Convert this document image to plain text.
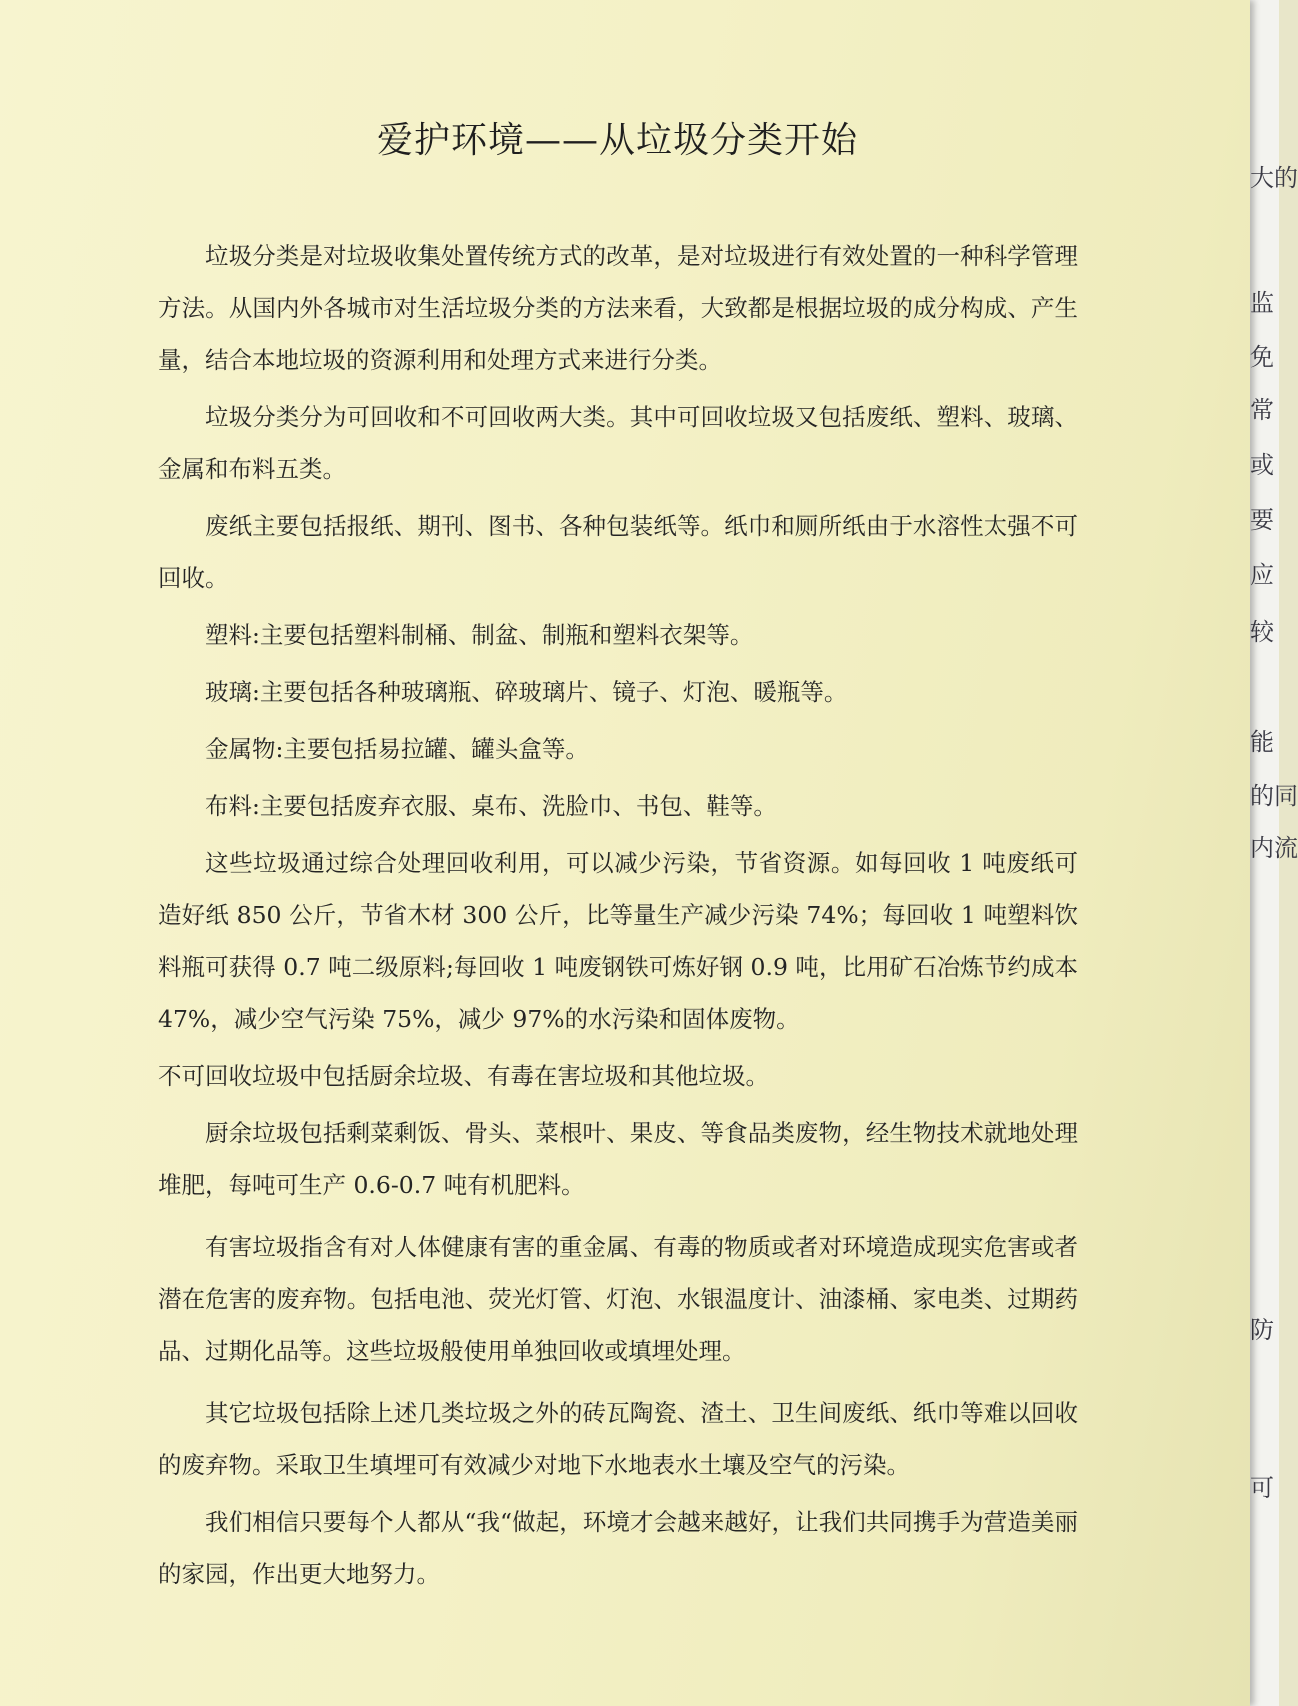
大的
监
免
常
或
要
应
较
能
的同
内流
防
可
爱护环境——从垃圾分类开始

垃圾分类是对垃圾收集处置传统方式的改革，是对垃圾进行有效处置的一种科学管理方法。从国内外各城市对生活垃圾分类的方法来看，大致都是根据垃圾的成分构成、产生量，结合本地垃圾的资源利用和处理方式来进行分类。

垃圾分类分为可回收和不可回收两大类。其中可回收垃圾又包括废纸、塑料、玻璃、金属和布料五类。

废纸主要包括报纸、期刊、图书、各种包装纸等。纸巾和厕所纸由于水溶性太强不可回收。

塑料:主要包括塑料制桶、制盆、制瓶和塑料衣架等。

玻璃:主要包括各种玻璃瓶、碎玻璃片、镜子、灯泡、暖瓶等。

金属物:主要包括易拉罐、罐头盒等。

布料:主要包括废弃衣服、桌布、洗脸巾、书包、鞋等。

这些垃圾通过综合处理回收利用，可以减少污染，节省资源。如每回收 1 吨废纸可造好纸 850 公斤，节省木材 300 公斤，比等量生产减少污染 74%；每回收 1 吨塑料饮料瓶可获得 0.7 吨二级原料;每回收 1 吨废钢铁可炼好钢 0.9 吨，比用矿石冶炼节约成本 47%，减少空气污染 75%，减少 97%的水污染和固体废物。

不可回收垃圾中包括厨余垃圾、有毒在害垃圾和其他垃圾。

厨余垃圾包括剩菜剩饭、骨头、菜根叶、果皮、等食品类废物，经生物技术就地处理堆肥，每吨可生产 0.6-0.7 吨有机肥料。

有害垃圾指含有对人体健康有害的重金属、有毒的物质或者对环境造成现实危害或者潜在危害的废弃物。包括电池、荧光灯管、灯泡、水银温度计、油漆桶、家电类、过期药品、过期化品等。这些垃圾般使用单独回收或填埋处理。

其它垃圾包括除上述几类垃圾之外的砖瓦陶瓷、渣土、卫生间废纸、纸巾等难以回收的废弃物。采取卫生填埋可有效减少对地下水地表水土壤及空气的污染。

我们相信只要每个人都从“我“做起，环境才会越来越好，让我们共同携手为营造美丽的家园，作出更大地努力。
